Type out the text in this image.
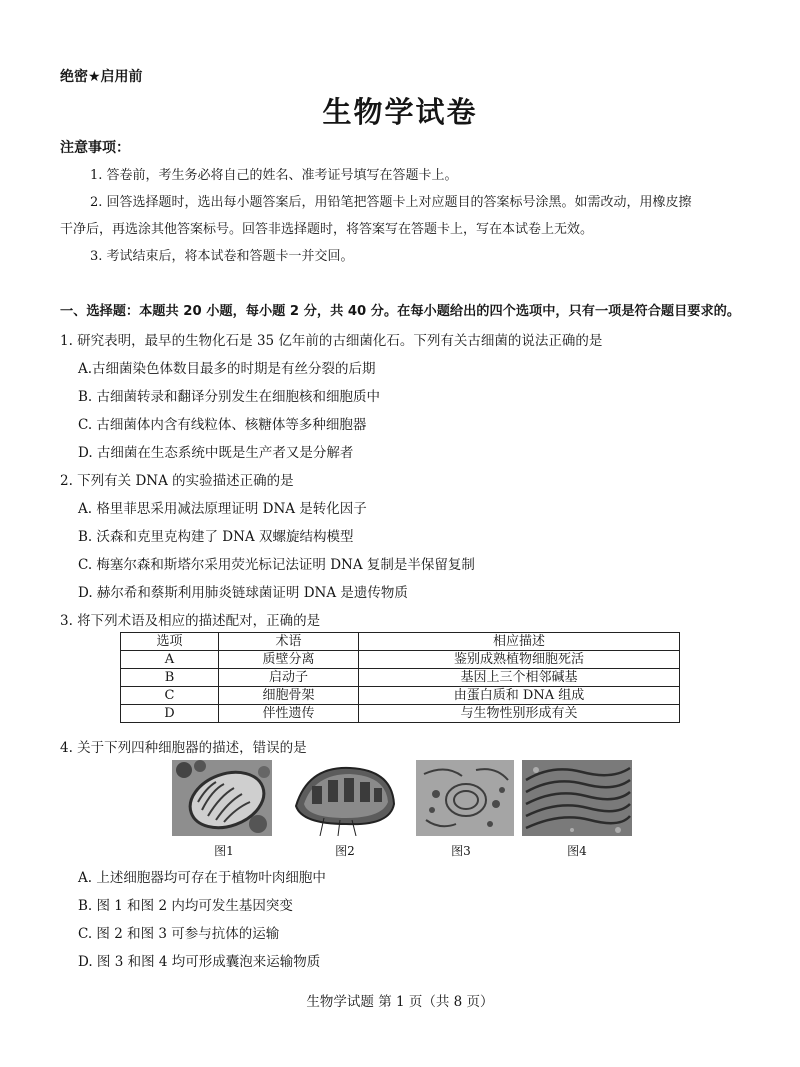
绝密★启用前
生物学试卷
注意事项：
1. 答卷前，考生务必将自己的姓名、准考证号填写在答题卡上。
2. 回答选择题时，选出每小题答案后，用铅笔把答题卡上对应题目的答案标号涂黑。如需改动，用橡皮擦
干净后，再选涂其他答案标号。回答非选择题时，将答案写在答题卡上，写在本试卷上无效。
3. 考试结束后，将本试卷和答题卡一并交回。
一、选择题：本题共 20 小题，每小题 2 分，共 40 分。在每小题给出的四个选项中，只有一项是符合题目要求的。
1. 研究表明，最早的生物化石是 35 亿年前的古细菌化石。下列有关古细菌的说法正确的是
A.古细菌染色体数目最多的时期是有丝分裂的后期
B. 古细菌转录和翻译分别发生在细胞核和细胞质中
C. 古细菌体内含有线粒体、核糖体等多种细胞器
D. 古细菌在生态系统中既是生产者又是分解者
2. 下列有关 DNA 的实验描述正确的是
A. 格里菲思采用减法原理证明 DNA 是转化因子
B. 沃森和克里克构建了 DNA 双螺旋结构模型
C. 梅塞尔森和斯塔尔采用荧光标记法证明 DNA 复制是半保留复制
D. 赫尔希和蔡斯利用肺炎链球菌证明 DNA 是遗传物质
3. 将下列术语及相应的描述配对，正确的是
选项	术语	相应描述
A	质壁分离	鉴别成熟植物细胞死活
B	启动子	基因上三个相邻碱基
C	细胞骨架	由蛋白质和 DNA 组成
D	伴性遗传	与生物性别形成有关
4. 关于下列四种细胞器的描述，错误的是
图1	图2	图3	图4
A. 上述细胞器均可存在于植物叶肉细胞中
B. 图 1 和图 2 内均可发生基因突变
C. 图 2 和图 3 可参与抗体的运输
D. 图 3 和图 4 均可形成囊泡来运输物质
生物学试题 第 1 页（共 8 页）
